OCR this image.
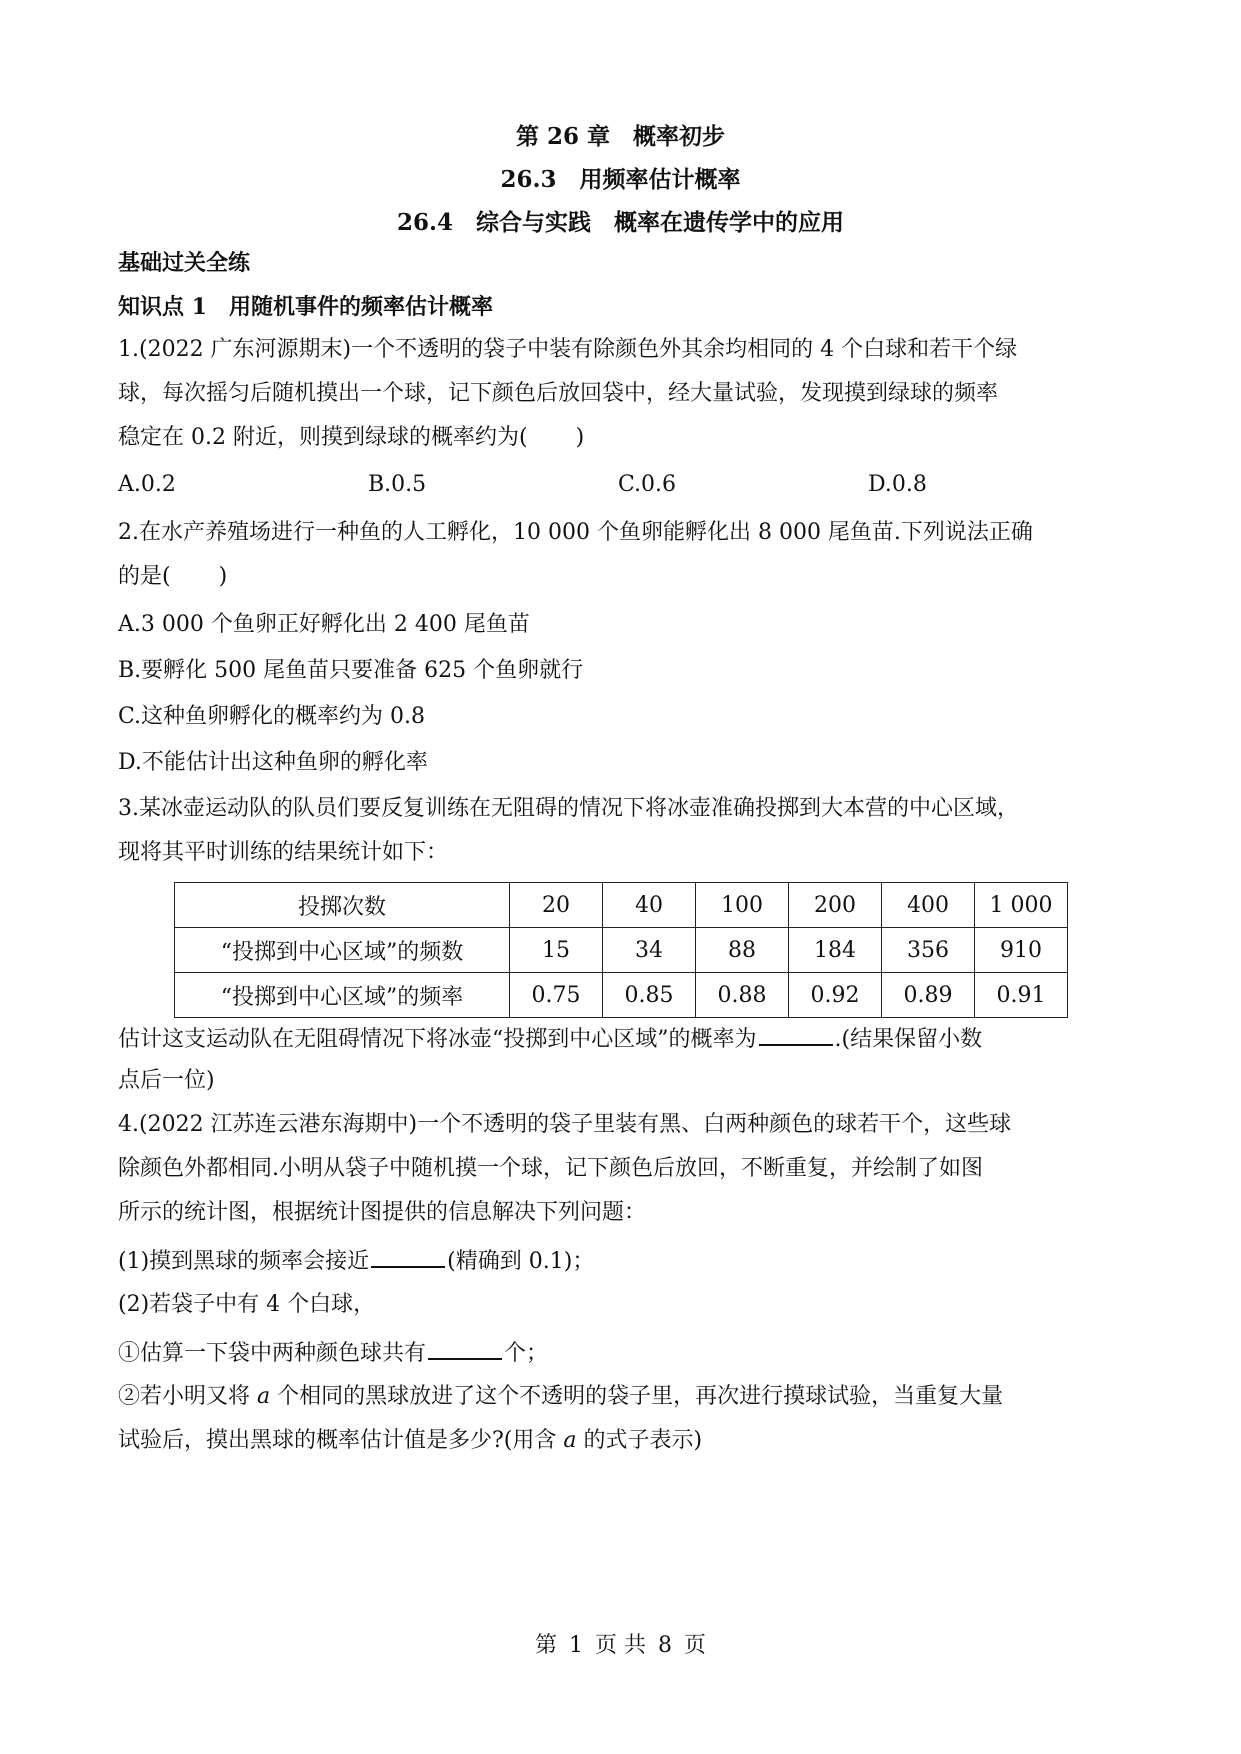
第 26 章　概率初步
26.3　用频率估计概率
26.4　综合与实践　概率在遗传学中的应用
基础过关全练
知识点 1　用随机事件的频率估计概率
1.(2022 广东河源期末)一个不透明的袋子中装有除颜色外其余均相同的 4 个白球和若干个绿
球，每次摇匀后随机摸出一个球，记下颜色后放回袋中，经大量试验，发现摸到绿球的频率
稳定在 0.2 附近，则摸到绿球的概率约为( )
A.0.2	B.0.5	C.0.6	D.0.8
2.在水产养殖场进行一种鱼的人工孵化，10 000 个鱼卵能孵化出 8 000 尾鱼苗.下列说法正确
的是( )
A.3 000 个鱼卵正好孵化出 2 400 尾鱼苗
B.要孵化 500 尾鱼苗只要准备 625 个鱼卵就行
C.这种鱼卵孵化的概率约为 0.8
D.不能估计出这种鱼卵的孵化率
3.某冰壶运动队的队员们要反复训练在无阻碍的情况下将冰壶准确投掷到大本营的中心区域，
现将其平时训练的结果统计如下：
投掷次数	20	40	100	200	400	1 000
“投掷到中心区域”的频数	15	34	88	184	356	910
“投掷到中心区域”的频率	0.75	0.85	0.88	0.92	0.89	0.91
估计这支运动队在无阻碍情况下将冰壶“投掷到中心区域”的概率为	.(结果保留小数
点后一位)
4.(2022 江苏连云港东海期中)一个不透明的袋子里装有黑、白两种颜色的球若干个，这些球
除颜色外都相同.小明从袋子中随机摸一个球，记下颜色后放回，不断重复，并绘制了如图
所示的统计图，根据统计图提供的信息解决下列问题：
(1)摸到黑球的频率会接近	(精确到 0.1)；
(2)若袋子中有 4 个白球，
①估算一下袋中两种颜色球共有	个；
②若小明又将 a 个相同的黑球放进了这个不透明的袋子里，再次进行摸球试验，当重复大量
试验后，摸出黑球的概率估计值是多少?(用含 a 的式子表示)
第 1 页 共 8 页
